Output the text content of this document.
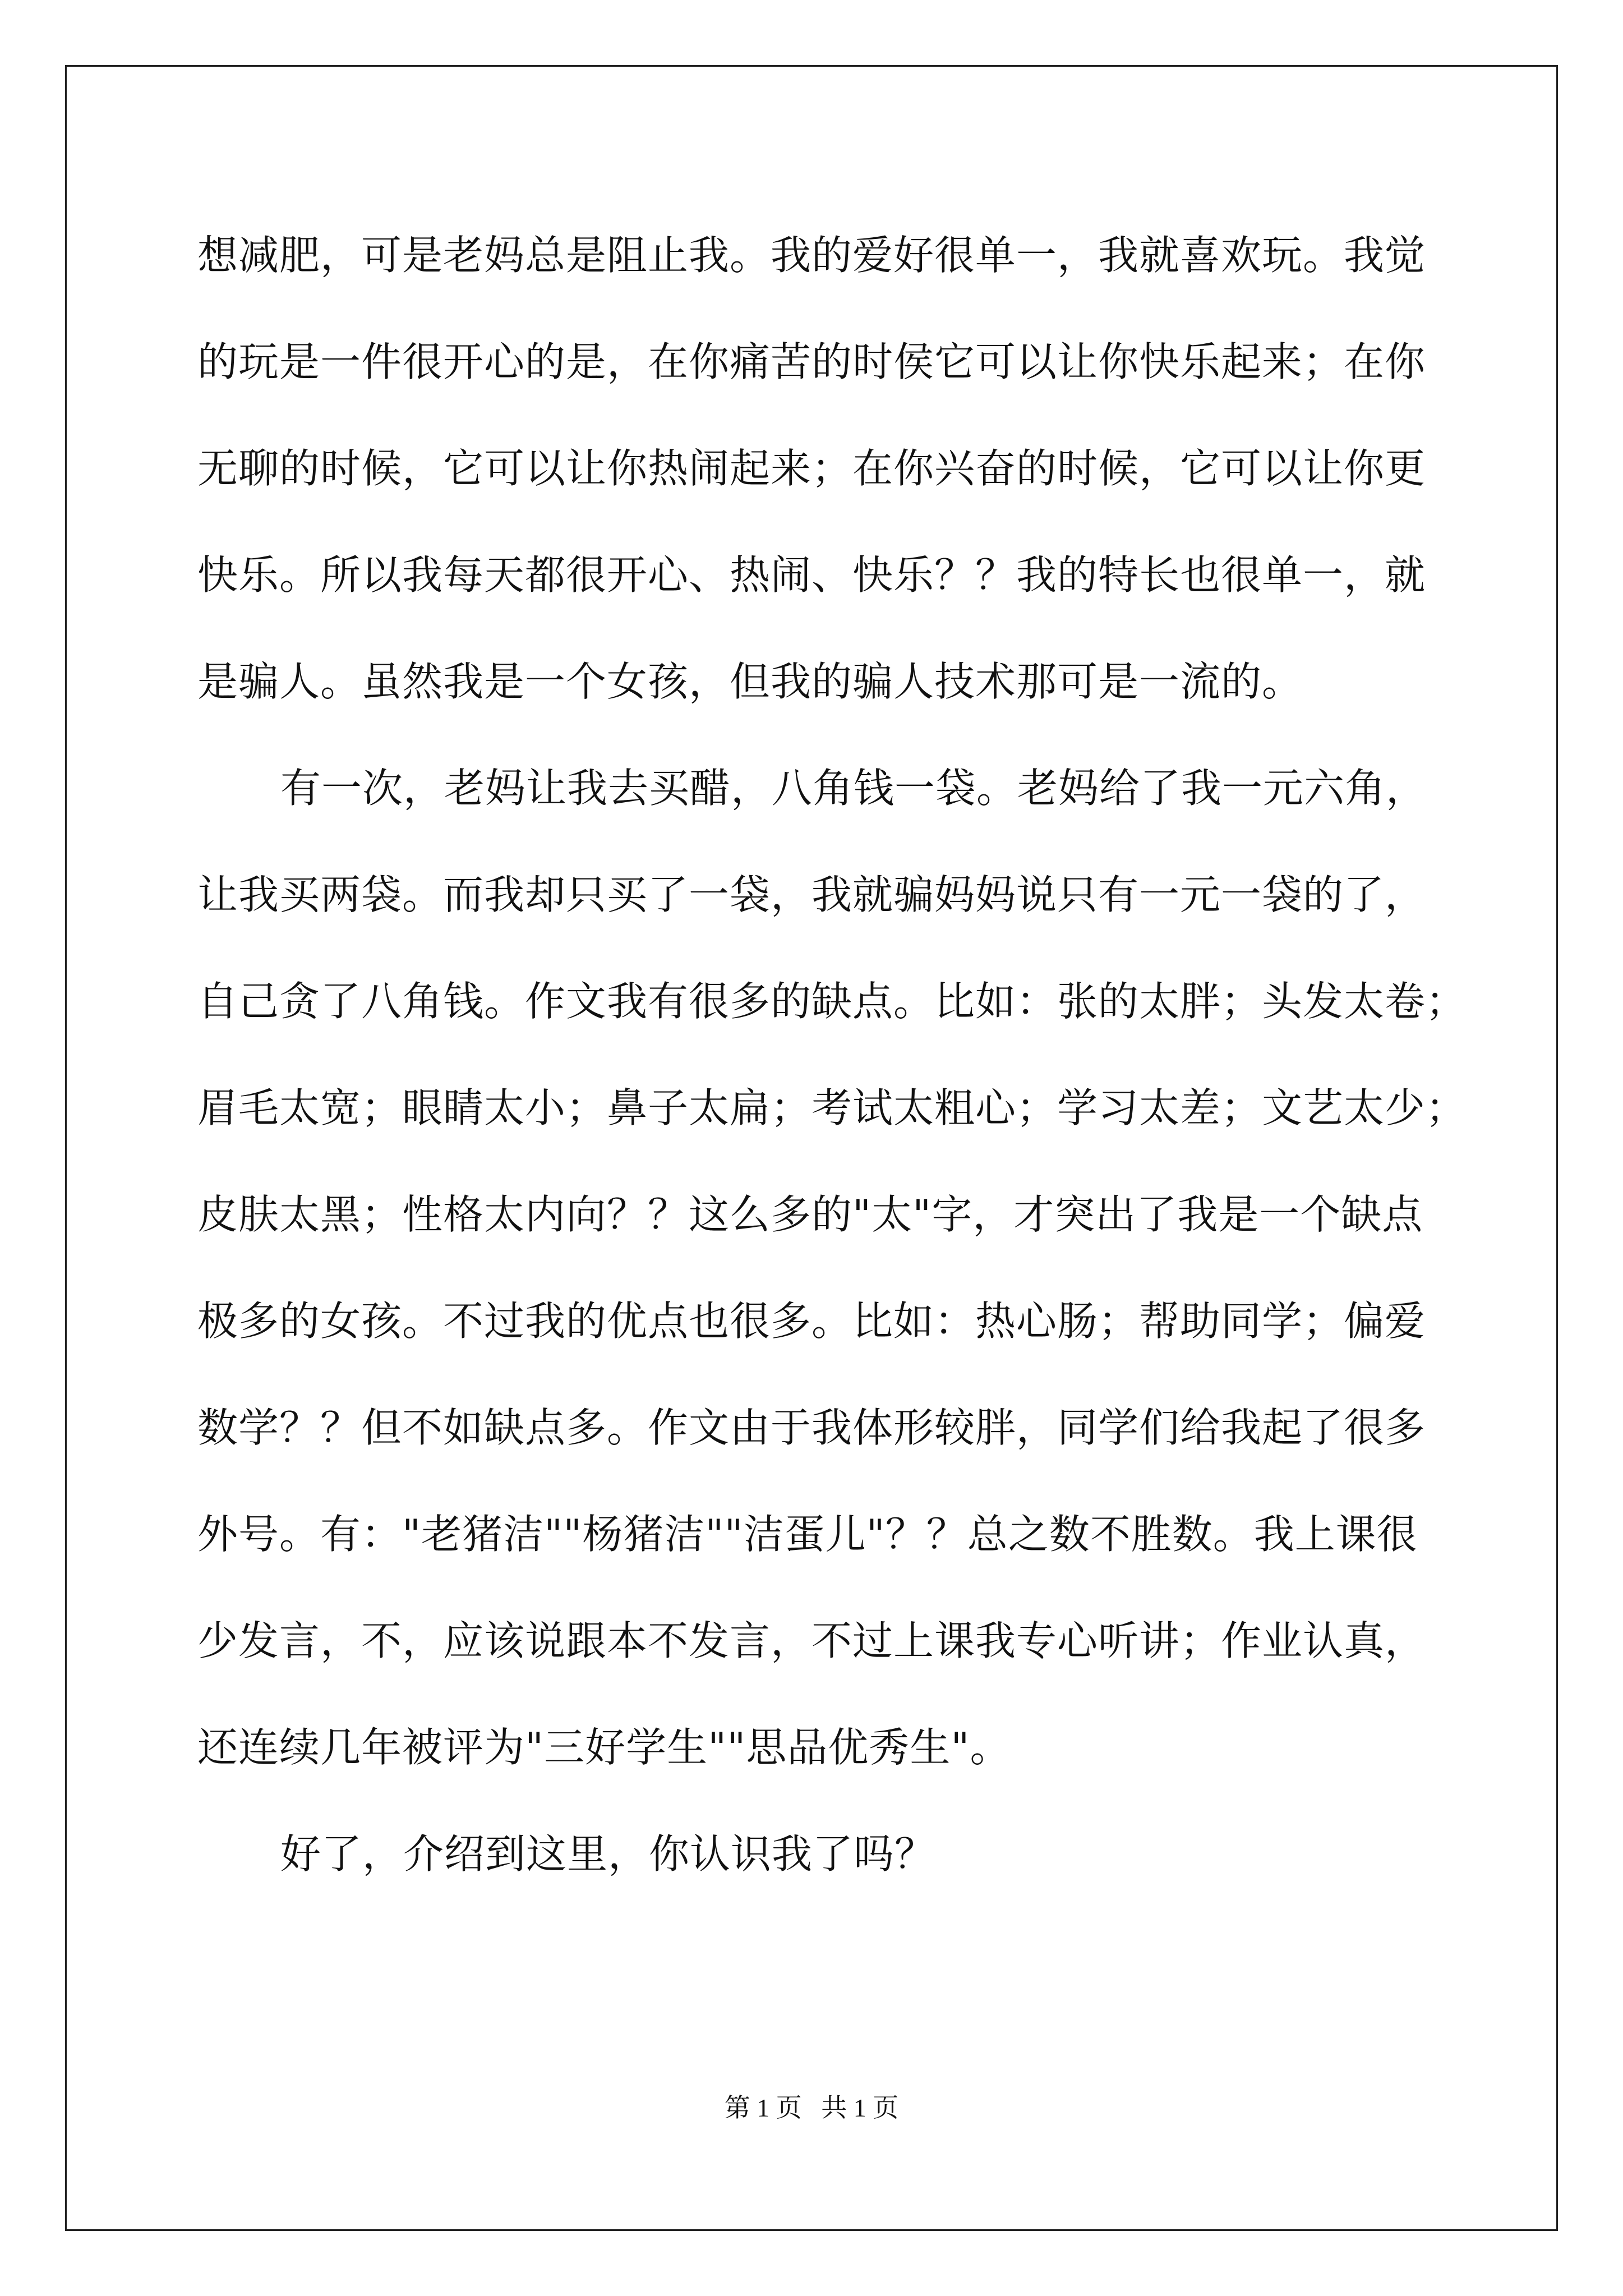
想减肥，可是老妈总是阻止我。我的爱好很单一，我就喜欢玩。我觉
的玩是一件很开心的是，在你痛苦的时侯它可以让你快乐起来；在你
无聊的时候，它可以让你热闹起来；在你兴奋的时候，它可以让你更
快乐。所以我每天都很开心、热闹、快乐？？我的特长也很单一，就
是骗人。虽然我是一个女孩，但我的骗人技术那可是一流的。
有一次，老妈让我去买醋，八角钱一袋。老妈给了我一元六角，
让我买两袋。而我却只买了一袋，我就骗妈妈说只有一元一袋的了，
自己贪了八角钱。作文我有很多的缺点。比如：张的太胖；头发太卷；
眉毛太宽；眼睛太小；鼻子太扁；考试太粗心；学习太差；文艺太少；
皮肤太黑；性格太内向？？这么多的"太"字，才突出了我是一个缺点
极多的女孩。不过我的优点也很多。比如：热心肠；帮助同学；偏爱
数学？？但不如缺点多。作文由于我体形较胖，同学们给我起了很多
外号。有："老猪洁""杨猪洁""洁蛋儿"？？总之数不胜数。我上课很
少发言，不，应该说跟本不发言，不过上课我专心听讲；作业认真，
还连续几年被评为"三好学生""思品优秀生"。
好了，介绍到这里，你认识我了吗？
第 1 页   共 1 页
